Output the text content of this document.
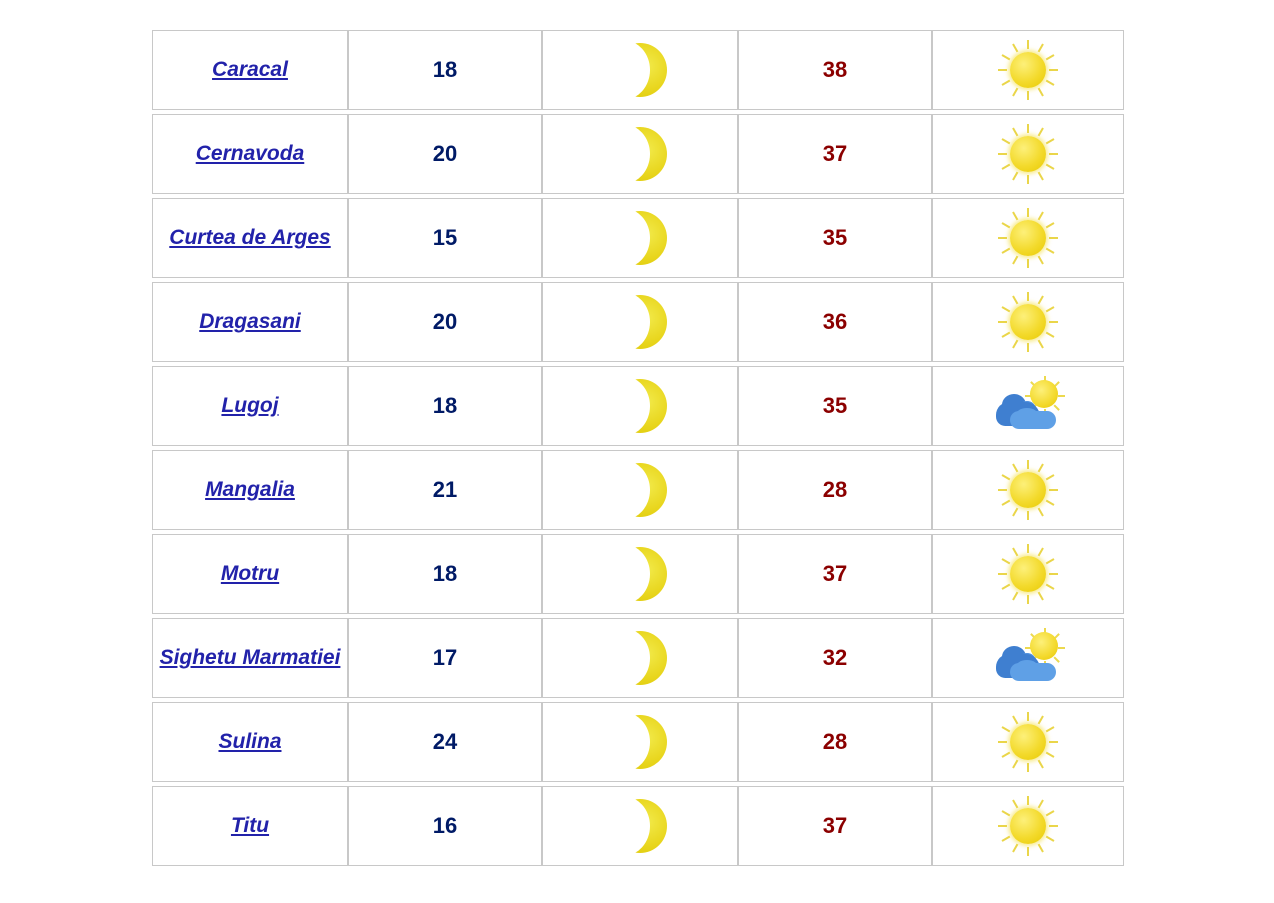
Caracal	18		38	

Cernavoda	20		37	

Curtea de Arges	15		35	

Dragasani	20		36	

Lugoj	18		35	

Mangalia	21		28	

Motru	18		37	

Sighetu Marmatiei	17		32	

Sulina	24		28	

Titu	16		37	
